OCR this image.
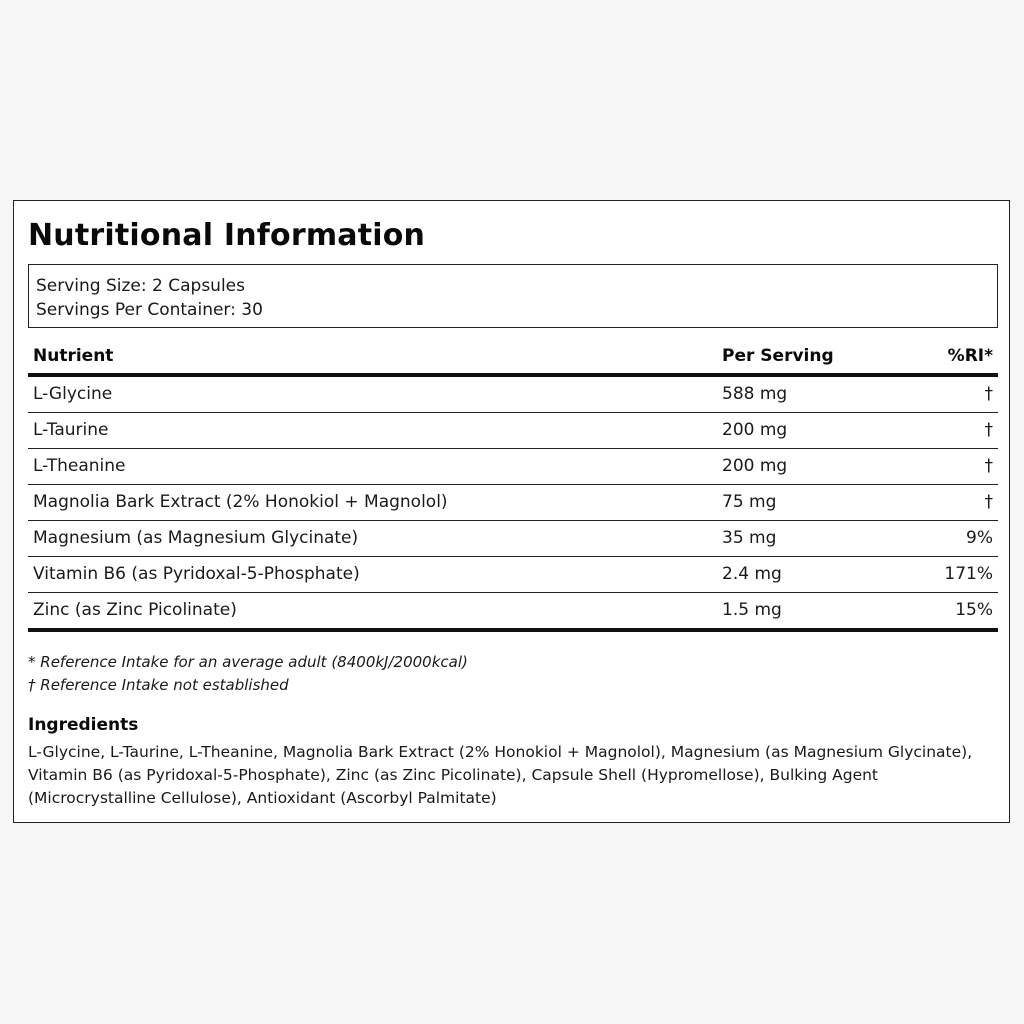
Nutritional Information
Serving Size: 2 Capsules
Servings Per Container: 30
Nutrient	Per Serving	%RI*
L-Glycine	588 mg	†
L-Taurine	200 mg	†
L-Theanine	200 mg	†
Magnolia Bark Extract (2% Honokiol + Magnolol)	75 mg	†
Magnesium (as Magnesium Glycinate)	35 mg	9%
Vitamin B6 (as Pyridoxal-5-Phosphate)	2.4 mg	171%
Zinc (as Zinc Picolinate)	1.5 mg	15%
* Reference Intake for an average adult (8400kJ/2000kcal)
† Reference Intake not established
Ingredients
L-Glycine, L-Taurine, L-Theanine, Magnolia Bark Extract (2% Honokiol + Magnolol), Magnesium (as Magnesium Glycinate), Vitamin B6 (as Pyridoxal-5-Phosphate), Zinc (as Zinc Picolinate), Capsule Shell (Hypromellose), Bulking Agent (Microcrystalline Cellulose), Antioxidant (Ascorbyl Palmitate)
